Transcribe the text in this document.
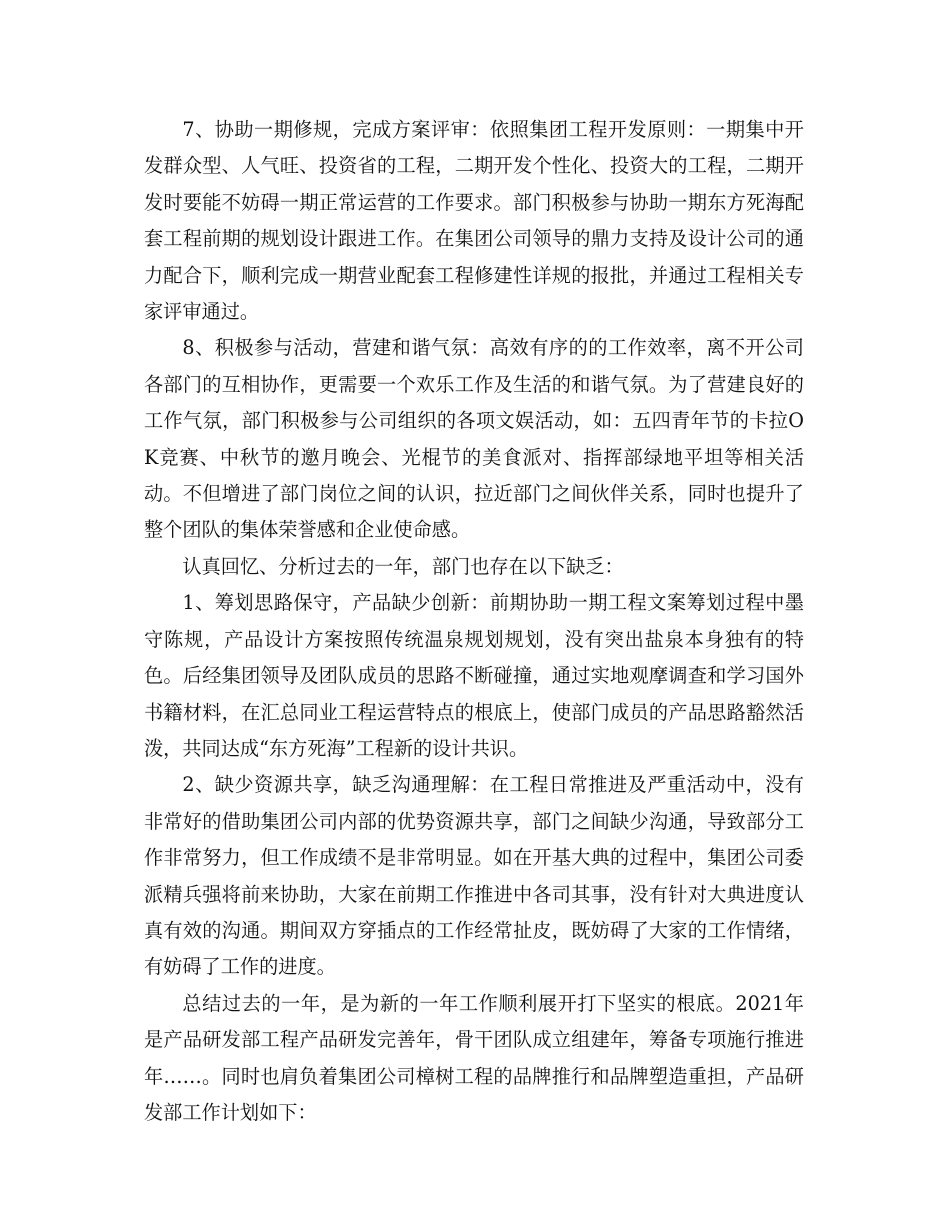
7、协助一期修规，完成方案评审：依照集团工程开发原则：一期集中开发群众型、人气旺、投资省的工程，二期开发个性化、投资大的工程，二期开发时要能不妨碍一期正常运营的工作要求。部门积极参与协助一期东方死海配套工程前期的规划设计跟进工作。在集团公司领导的鼎力支持及设计公司的通力配合下，顺利完成一期营业配套工程修建性详规的报批，并通过工程相关专家评审通过。

8、积极参与活动，营建和谐气氛：高效有序的的工作效率，离不开公司各部门的互相协作，更需要一个欢乐工作及生活的和谐气氛。为了营建良好的工作气氛，部门积极参与公司组织的各项文娱活动，如：五四青年节的卡拉OK竞赛、中秋节的邀月晚会、光棍节的美食派对、指挥部绿地平坦等相关活动。不但增进了部门岗位之间的认识，拉近部门之间伙伴关系，同时也提升了整个团队的集体荣誉感和企业使命感。

认真回忆、分析过去的一年，部门也存在以下缺乏：

1、筹划思路保守，产品缺少创新：前期协助一期工程文案筹划过程中墨守陈规，产品设计方案按照传统温泉规划规划，没有突出盐泉本身独有的特色。后经集团领导及团队成员的思路不断碰撞，通过实地观摩调查和学习国外书籍材料，在汇总同业工程运营特点的根底上，使部门成员的产品思路豁然活泼，共同达成“东方死海”工程新的设计共识。

2、缺少资源共享，缺乏沟通理解：在工程日常推进及严重活动中，没有非常好的借助集团公司内部的优势资源共享，部门之间缺少沟通，导致部分工作非常努力，但工作成绩不是非常明显。如在开基大典的过程中，集团公司委派精兵强将前来协助，大家在前期工作推进中各司其事，没有针对大典进度认真有效的沟通。期间双方穿插点的工作经常扯皮，既妨碍了大家的工作情绪，有妨碍了工作的进度。

总结过去的一年，是为新的一年工作顺利展开打下坚实的根底。2021年是产品研发部工程产品研发完善年，骨干团队成立组建年，筹备专项施行推进年……。同时也肩负着集团公司樟树工程的品牌推行和品牌塑造重担，产品研发部工作计划如下：
